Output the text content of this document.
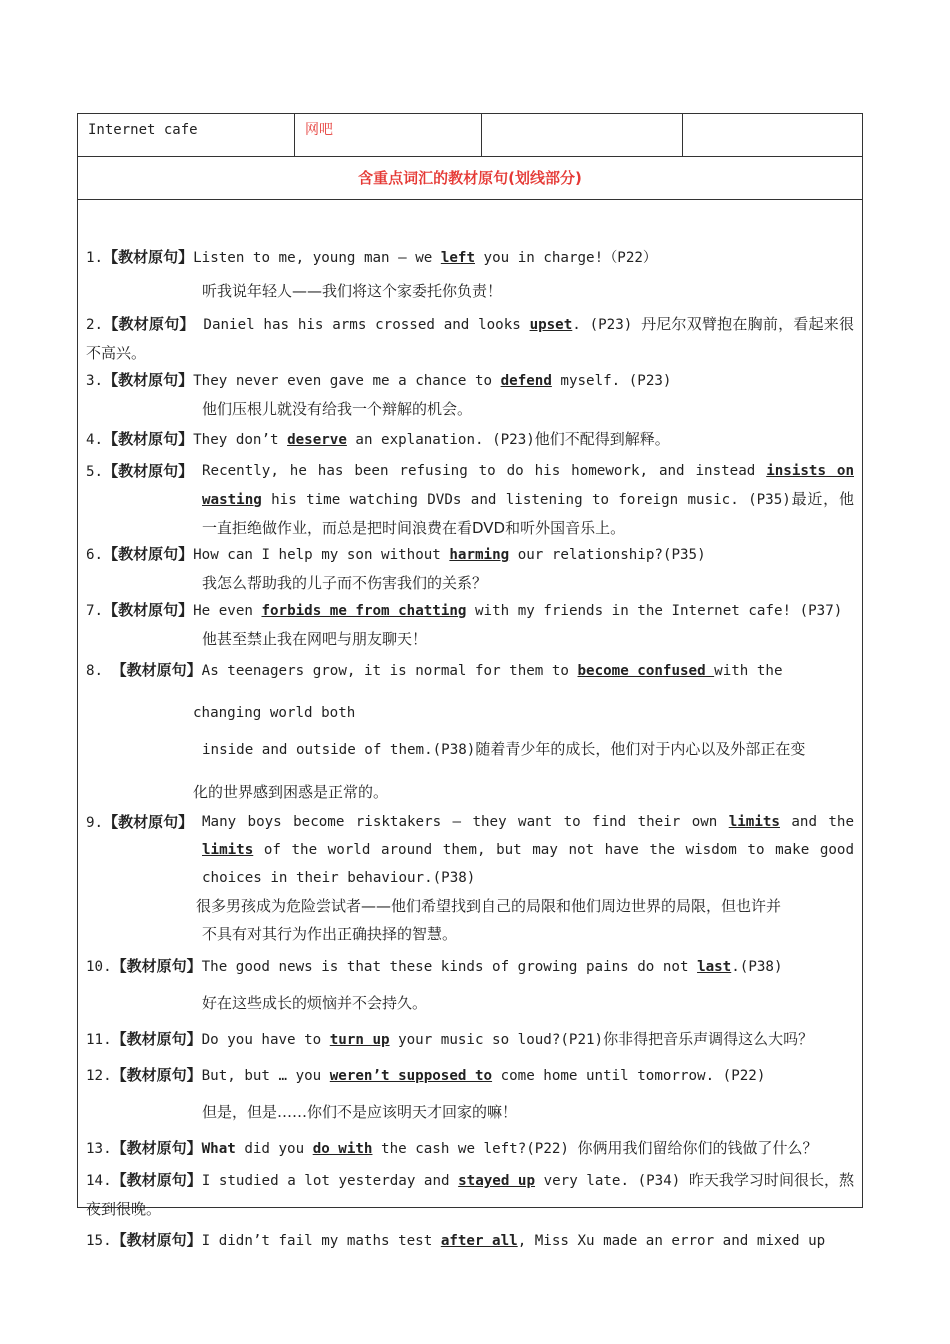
Internet cafe	网吧
含重点词汇的教材原句(划线部分)
1.【教材原句】Listen to me, young man — we left you in charge!（P22）
听我说年轻人——我们将这个家委托你负责！
2.【教材原句】 Daniel has his arms crossed and looks upset. (P23) 丹尼尔双臂抱在胸前，看起来很不高兴。
3.【教材原句】They never even gave me a chance to defend myself. (P23)
他们压根儿就没有给我一个辩解的机会。
4.【教材原句】They don’t deserve an explanation. (P23)他们不配得到解释。
5.【教材原句】 Recently, he has been refusing to do his homework, and instead insists on wasting his time watching DVDs and listening to foreign music. (P35)最近，他一直拒绝做作业，而总是把时间浪费在看DVD和听外国音乐上。
6.【教材原句】How can I help my son without harming our relationship?(P35)
我怎么帮助我的儿子而不伤害我们的关系？
7.【教材原句】He even forbids me from chatting with my friends in the Internet cafe! (P37)
他甚至禁止我在网吧与朋友聊天！
8. 【教材原句】As teenagers grow, it is normal for them to become confused with the
changing world both
inside and outside of them.(P38)随着青少年的成长，他们对于内心以及外部正在变
化的世界感到困惑是正常的。
9.【教材原句】 Many boys become risktakers — they want to find their own limits and the limits of the world around them, but may not have the wisdom to make good choices in their behaviour.(P38)
很多男孩成为危险尝试者——他们希望找到自己的局限和他们周边世界的局限，但也许并
不具有对其行为作出正确抉择的智慧。
10.【教材原句】The good news is that these kinds of growing pains do not last.(P38)
好在这些成长的烦恼并不会持久。
11.【教材原句】Do you have to turn up your music so loud?(P21)你非得把音乐声调得这么大吗？
12.【教材原句】But, but … you weren’t supposed to come home until tomorrow. (P22)
但是，但是……你们不是应该明天才回家的嘛！
13.【教材原句】What did you do with the cash we left?(P22) 你俩用我们留给你们的钱做了什么？
14.【教材原句】I studied a lot yesterday and stayed up very late. (P34) 昨天我学习时间很长，熬夜到很晚。
15.【教材原句】I didn’t fail my maths test after all, Miss Xu made an error and mixed up
